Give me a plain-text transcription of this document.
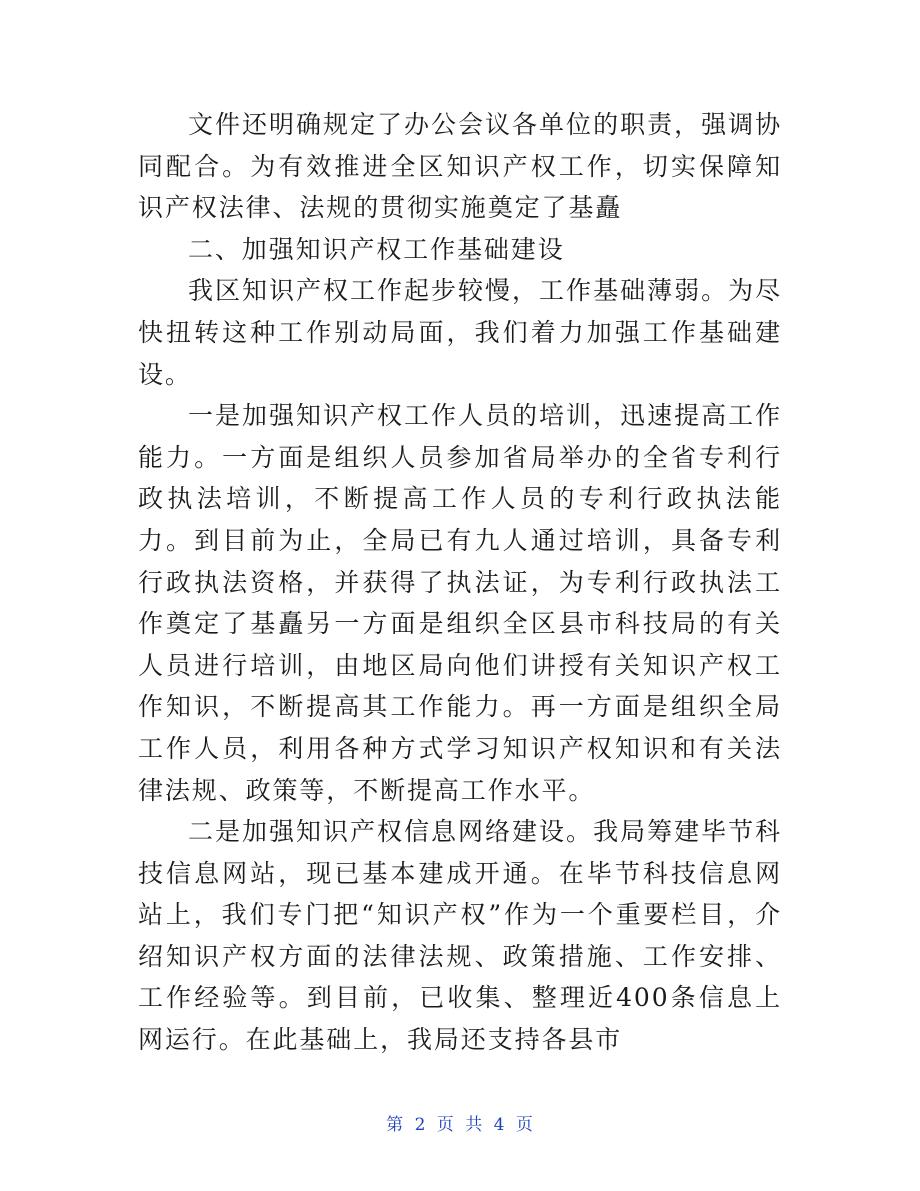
文件还明确规定了办公会议各单位的职责，强调协同配合。为有效推进全区知识产权工作，切实保障知识产权法律、法规的贯彻实施奠定了基矗

二、加强知识产权工作基础建设

我区知识产权工作起步较慢，工作基础薄弱。为尽快扭转这种工作别动局面，我们着力加强工作基础建设。

一是加强知识产权工作人员的培训，迅速提高工作能力。一方面是组织人员参加省局举办的全省专利行政执法培训，不断提高工作人员的专利行政执法能力。到目前为止，全局已有九人通过培训，具备专利行政执法资格，并获得了执法证，为专利行政执法工作奠定了基矗另一方面是组织全区县市科技局的有关人员进行培训，由地区局向他们讲授有关知识产权工作知识，不断提高其工作能力。再一方面是组织全局工作人员，利用各种方式学习知识产权知识和有关法律法规、政策等，不断提高工作水平。

二是加强知识产权信息网络建设。我局筹建毕节科技信息网站，现已基本建成开通。在毕节科技信息网站上，我们专门把“知识产权”作为一个重要栏目，介绍知识产权方面的法律法规、政策措施、工作安排、工作经验等。到目前，已收集、整理近400条信息上网运行。在此基础上，我局还支持各县市

第 2 页 共 4 页
